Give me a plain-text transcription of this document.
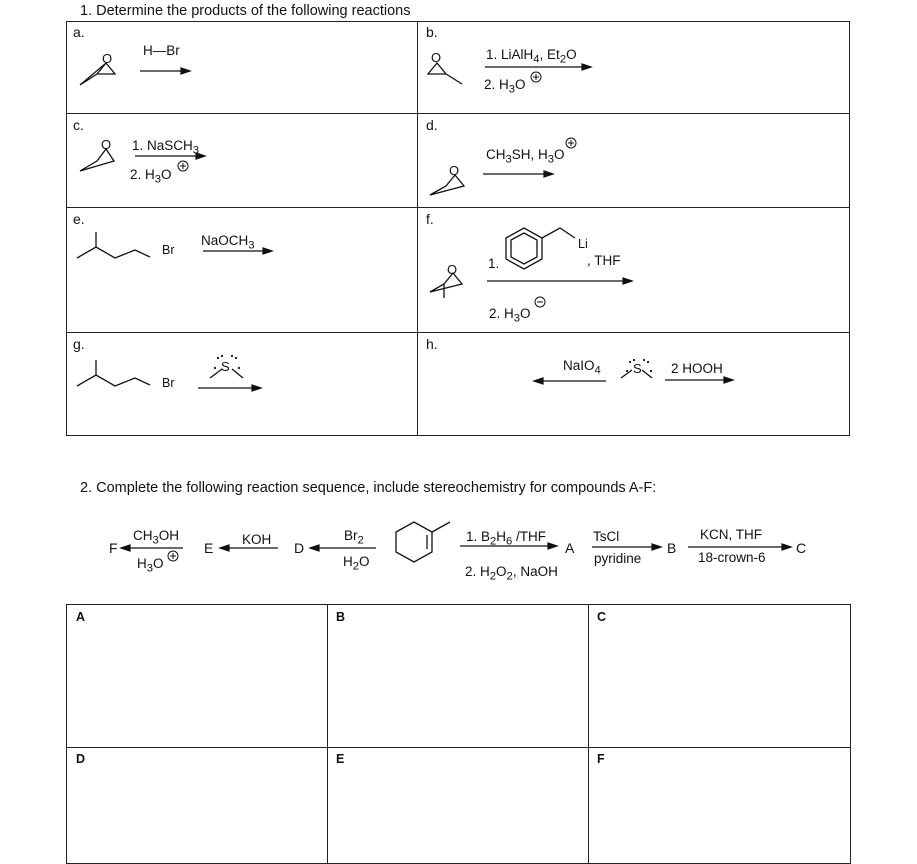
1. Determine the products of the following reactions
a.	b.
c.	d.
e.	f.
g.	h.
O	O
O
O
O
H—Br	1. LiAlH$_4$, $Et_2O$
2. $H_3O$
1. NaSCH$_3$
2. $H_3O$
$CH_3SH$, $H_3O$
Br
NaOCH$_3$
1.
Li
, THF
2. $H_3O$
Br
S	NaIO$_4$ S 2 HOOH
2. Complete the following reaction sequence, include stereochemistry for compounds A-F:
F
$CH_3OH$
$H_3O$
E
KOH
D
$Br_2$
$H_2O$
1. $B_2H_6$ /THF
A
2. $H_2O_2$, NaOH
TsCl
pyridine
B
KCN, THF
18-crown-6
C
A	B	C
D	E	F
